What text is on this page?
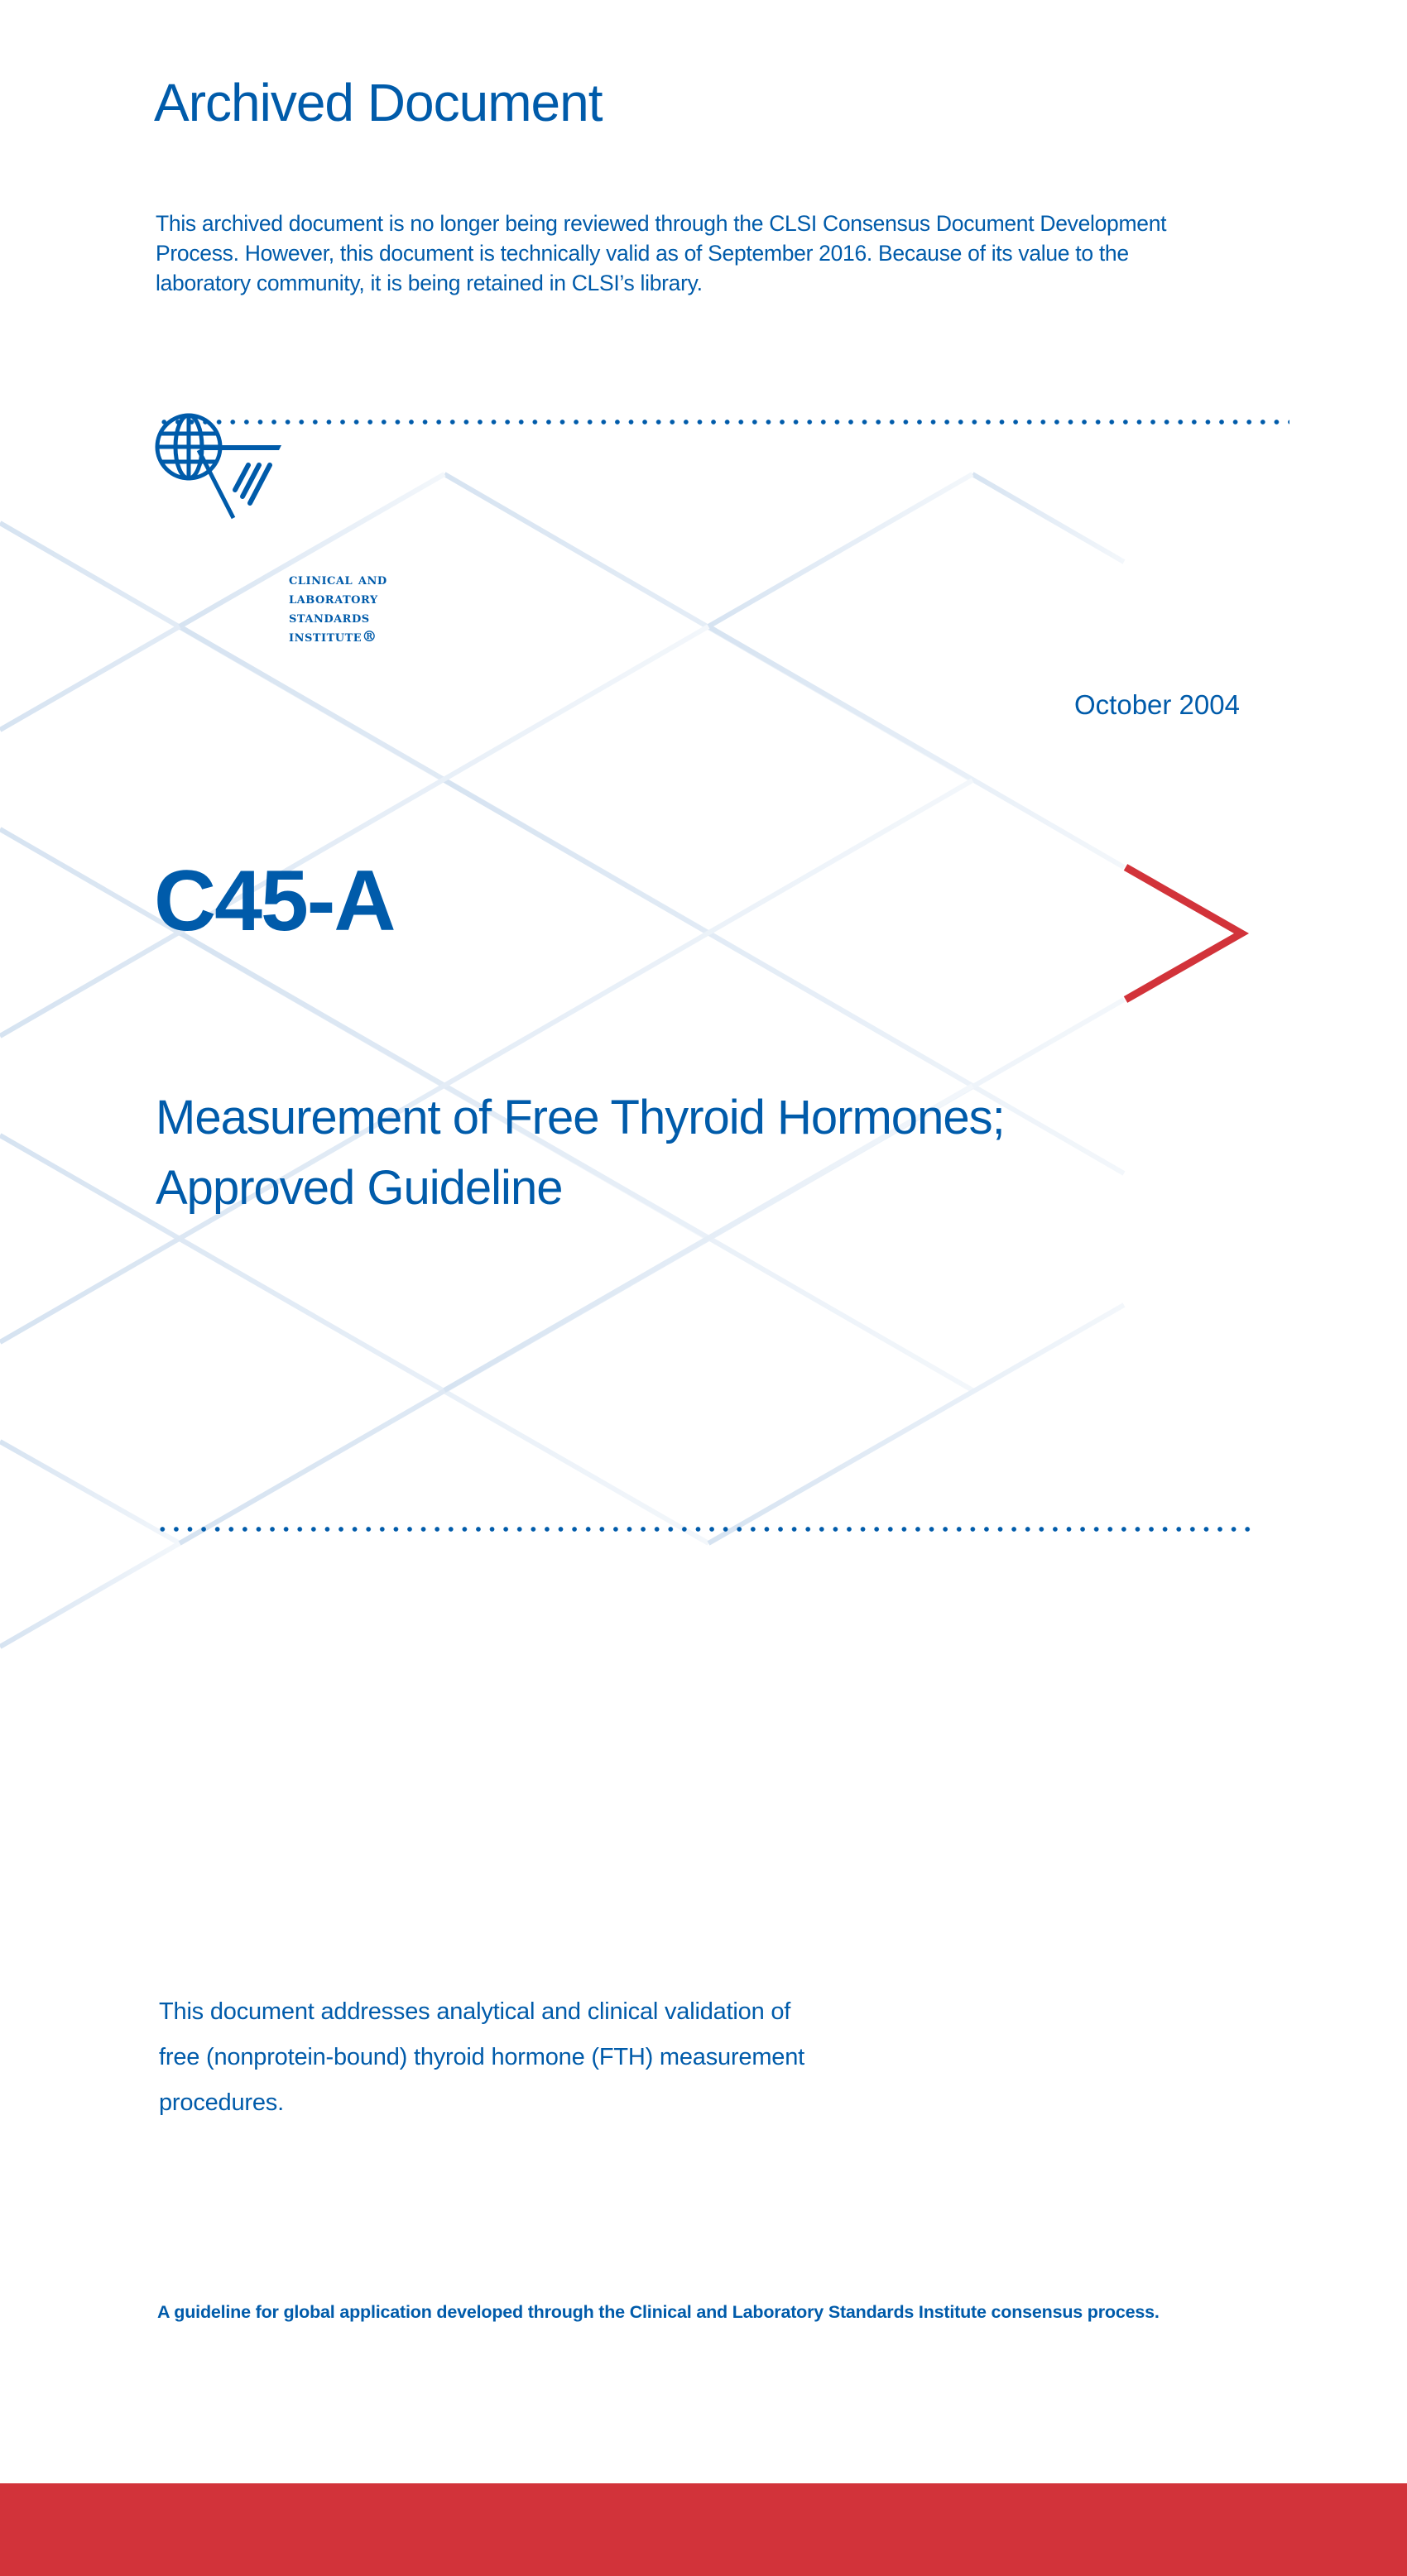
Archived Document
This archived document is no longer being reviewed through the CLSI Consensus Document Development
Process. However, this document is technically valid as of September 2016. Because of its value to the
laboratory community, it is being retained in CLSI’s library.
clinical and
laboratory
standards
institute®
October 2004
C45-A
Measurement of Free Thyroid Hormones;
Approved Guideline
This document addresses analytical and clinical validation of
free (nonprotein-bound) thyroid hormone (FTH) measurement
procedures.
A guideline for global application developed through the Clinical and Laboratory Standards Institute consensus process.
